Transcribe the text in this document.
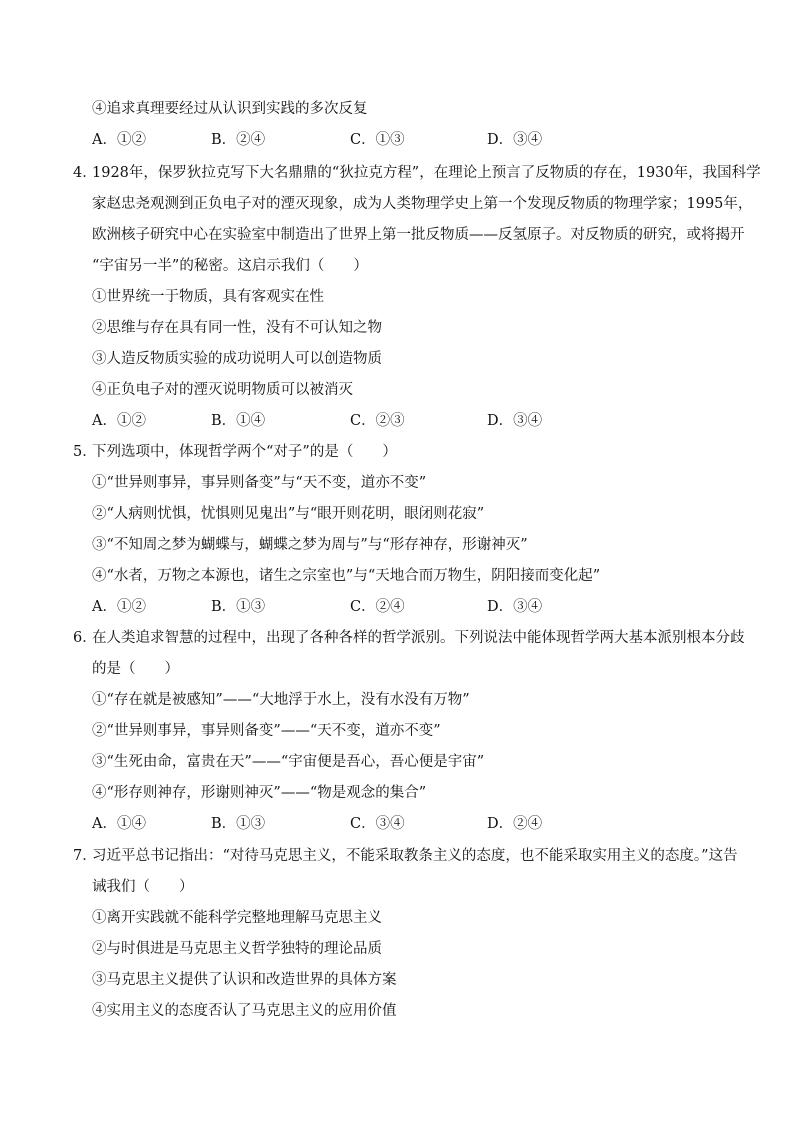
④追求真理要经过从认识到实践的多次反复
A．①②	B．②④	C．①③	D．③④
4．
1928年，保罗狄拉克写下大名鼎鼎的“狄拉克方程”，在理论上预言了反物质的存在，1930年，我国科学
家赵忠尧观测到正负电子对的湮灭现象，成为人类物理学史上第一个发现反物质的物理学家；1995年，
欧洲核子研究中心在实验室中制造出了世界上第一批反物质——反氢原子。对反物质的研究，或将揭开
“宇宙另一半”的秘密。这启示我们（　　）
①世界统一于物质，具有客观实在性
②思维与存在具有同一性，没有不可认知之物
③人造反物质实验的成功说明人可以创造物质
④正负电子对的湮灭说明物质可以被消灭
A．①②	B．①④	C．②③	D．③④
5．
下列选项中，体现哲学两个“对子”的是（　　）
①“世异则事异，事异则备变”与“天不变，道亦不变”
②“人病则忧惧，忧惧则见鬼出”与“眼开则花明，眼闭则花寂”
③“不知周之梦为蝴蝶与，蝴蝶之梦为周与”与“形存神存，形谢神灭”
④“水者，万物之本源也，诸生之宗室也”与“天地合而万物生，阴阳接而变化起”
A．①②	B．①③	C．②④	D．③④
6．
在人类追求智慧的过程中，出现了各种各样的哲学派别。下列说法中能体现哲学两大基本派别根本分歧
的是（　　）
①“存在就是被感知”——“大地浮于水上，没有水没有万物”
②“世异则事异，事异则备变”——“天不变，道亦不变”
③“生死由命，富贵在天”——“宇宙便是吾心，吾心便是宇宙”
④“形存则神存，形谢则神灭”——“物是观念的集合”
A．①④	B．①③	C．③④	D．②④
7．
习近平总书记指出：“对待马克思主义，不能采取教条主义的态度，也不能采取实用主义的态度。”这告
诫我们（　　）
①离开实践就不能科学完整地理解马克思主义
②与时俱进是马克思主义哲学独特的理论品质
③马克思主义提供了认识和改造世界的具体方案
④实用主义的态度否认了马克思主义的应用价值
